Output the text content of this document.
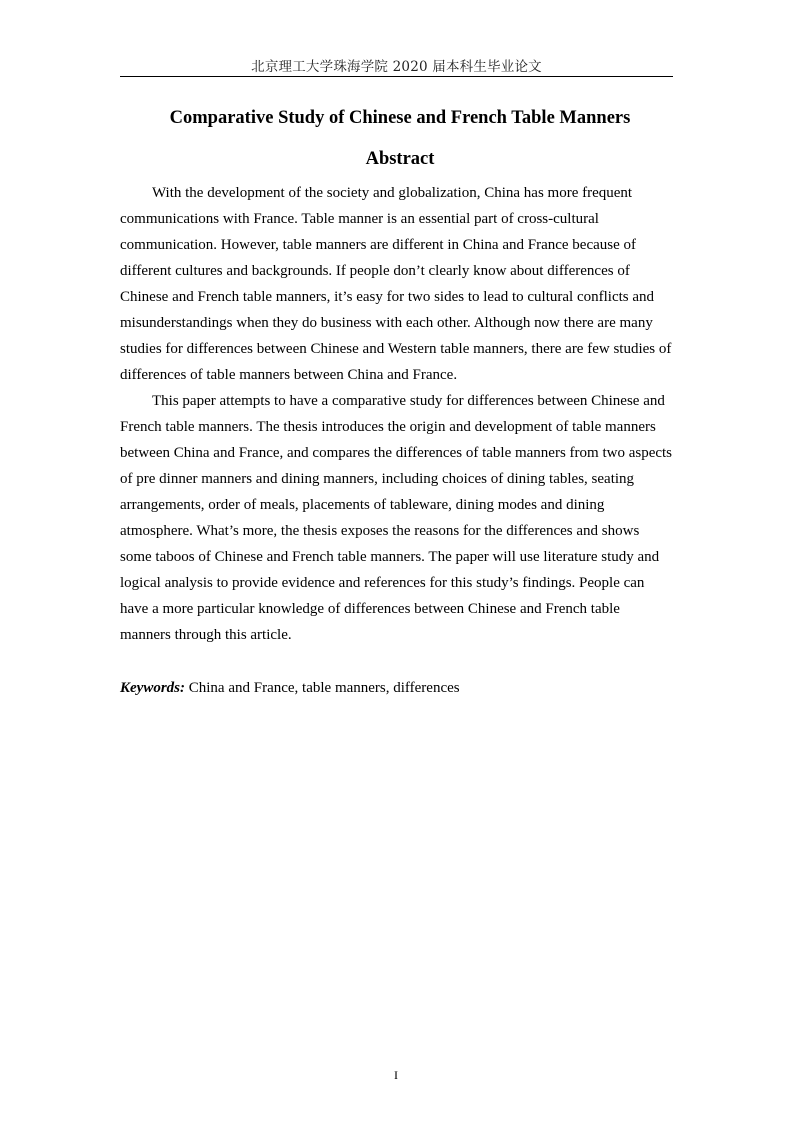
北京理工大学珠海学院 2020 届本科生毕业论文
Comparative Study of Chinese and French Table Manners
Abstract

With the development of the society and globalization, China has more frequent communications with France. Table manner is an essential part of cross-cultural communication. However, table manners are different in China and France because of different cultures and backgrounds. If people don’t clearly know about differences of Chinese and French table manners, it’s easy for two sides to lead to cultural conflicts and misunderstandings when they do business with each other. Although now there are many studies for differences between Chinese and Western table manners, there are few studies of differences of table manners between China and France.

This paper attempts to have a comparative study for differences between Chinese and French table manners. The thesis introduces the origin and development of table manners between China and France, and compares the differences of table manners from two aspects of pre dinner manners and dining manners, including choices of dining tables, seating arrangements, order of meals, placements of tableware, dining modes and dining atmosphere. What’s more, the thesis exposes the reasons for the differences and shows some taboos of Chinese and French table manners. The paper will use literature study and logical analysis to provide evidence and references for this study’s findings. People can have a more particular knowledge of differences between Chinese and French table manners through this article.

Keywords: China and France, table manners, differences
I
